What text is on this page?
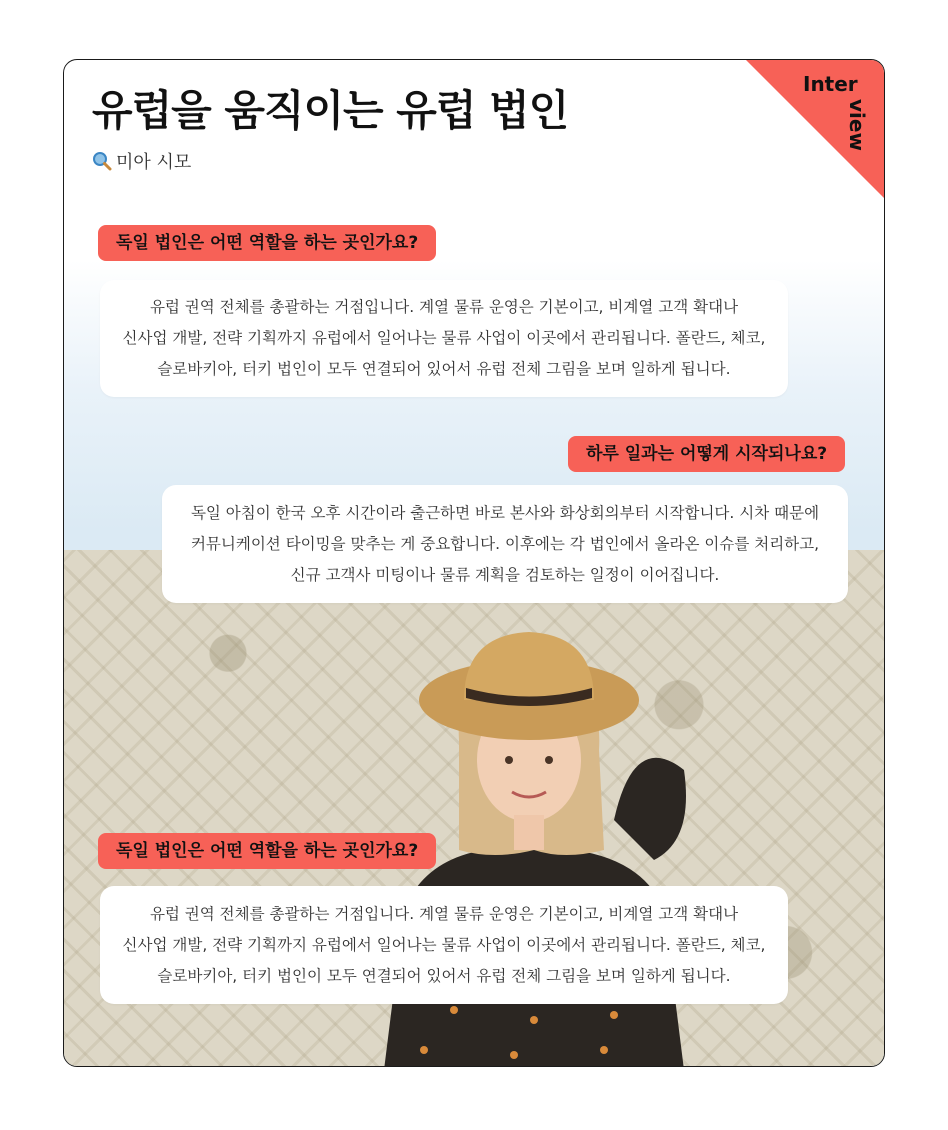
유럽을 움직이는 유럽 법인
미아 시모
Inter
view
독일 법인은 어떤 역할을 하는 곳인가요?
유럽 권역 전체를 총괄하는 거점입니다. 계열 물류 운영은 기본이고, 비계열 고객 확대나
신사업 개발, 전략 기획까지 유럽에서 일어나는 물류 사업이 이곳에서 관리됩니다. 폴란드, 체코,
슬로바키아, 터키 법인이 모두 연결되어 있어서 유럽 전체 그림을 보며 일하게 됩니다.
하루 일과는 어떻게 시작되나요?
독일 아침이 한국 오후 시간이라 출근하면 바로 본사와 화상회의부터 시작합니다. 시차 때문에
커뮤니케이션 타이밍을 맞추는 게 중요합니다. 이후에는 각 법인에서 올라온 이슈를 처리하고,
신규 고객사 미팅이나 물류 계획을 검토하는 일정이 이어집니다.
독일 법인은 어떤 역할을 하는 곳인가요?
유럽 권역 전체를 총괄하는 거점입니다. 계열 물류 운영은 기본이고, 비계열 고객 확대나
신사업 개발, 전략 기획까지 유럽에서 일어나는 물류 사업이 이곳에서 관리됩니다. 폴란드, 체코,
슬로바키아, 터키 법인이 모두 연결되어 있어서 유럽 전체 그림을 보며 일하게 됩니다.
